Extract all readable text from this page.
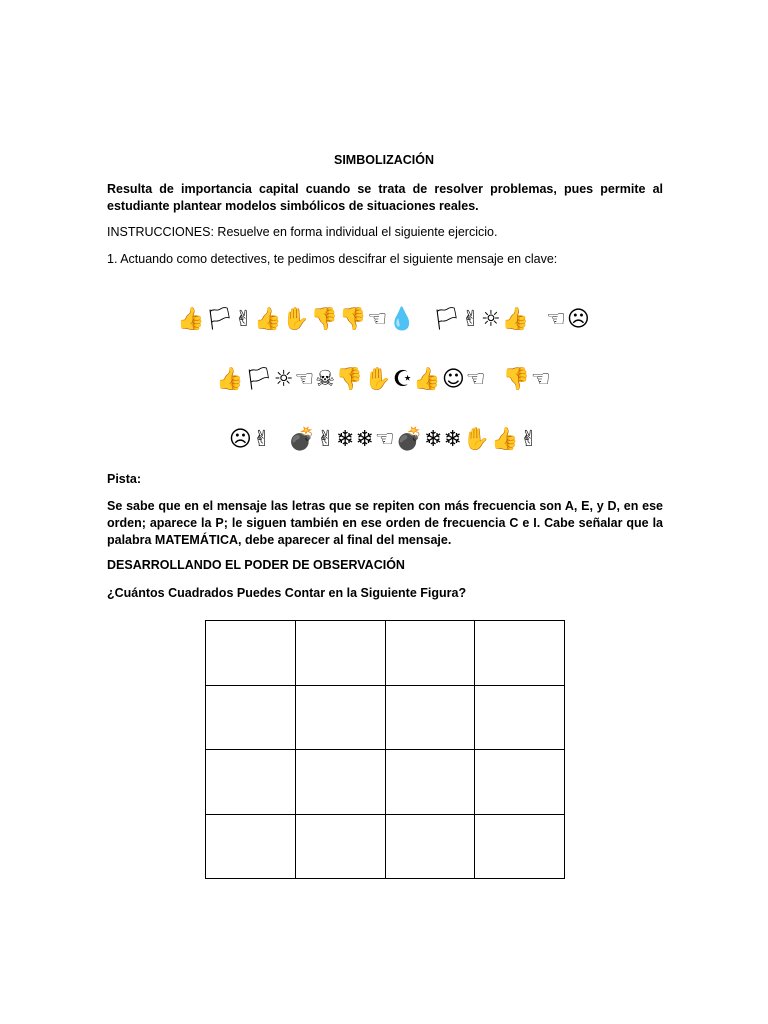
SIMBOLIZACIÓN
Resulta de importancia capital cuando se trata de resolver problemas, pues permite al estudiante plantear modelos simbólicos de situaciones reales.
INSTRUCCIONES: Resuelve en forma individual el siguiente ejercicio.
1. Actuando como detectives, te pedimos descifrar el siguiente mensaje en clave:
👍🏳✌👍✋👎👎☜💧  🏳✌☼👍  ☜☹
👍🏳☼☜☠👎✋☪👍☺☜  👎☜
☹✌  💣✌❄❄☜💣❄❄✋👍✌
Pista:
Se sabe que en el mensaje las letras que se repiten con más frecuencia son A, E, y D, en ese orden; aparece la P; le siguen también en ese orden de frecuencia C e I. Cabe señalar que la palabra MATEMÁTICA, debe aparecer al final del mensaje.
DESARROLLANDO EL PODER DE OBSERVACIÓN
¿Cuántos Cuadrados Puedes Contar en la Siguiente Figura?
